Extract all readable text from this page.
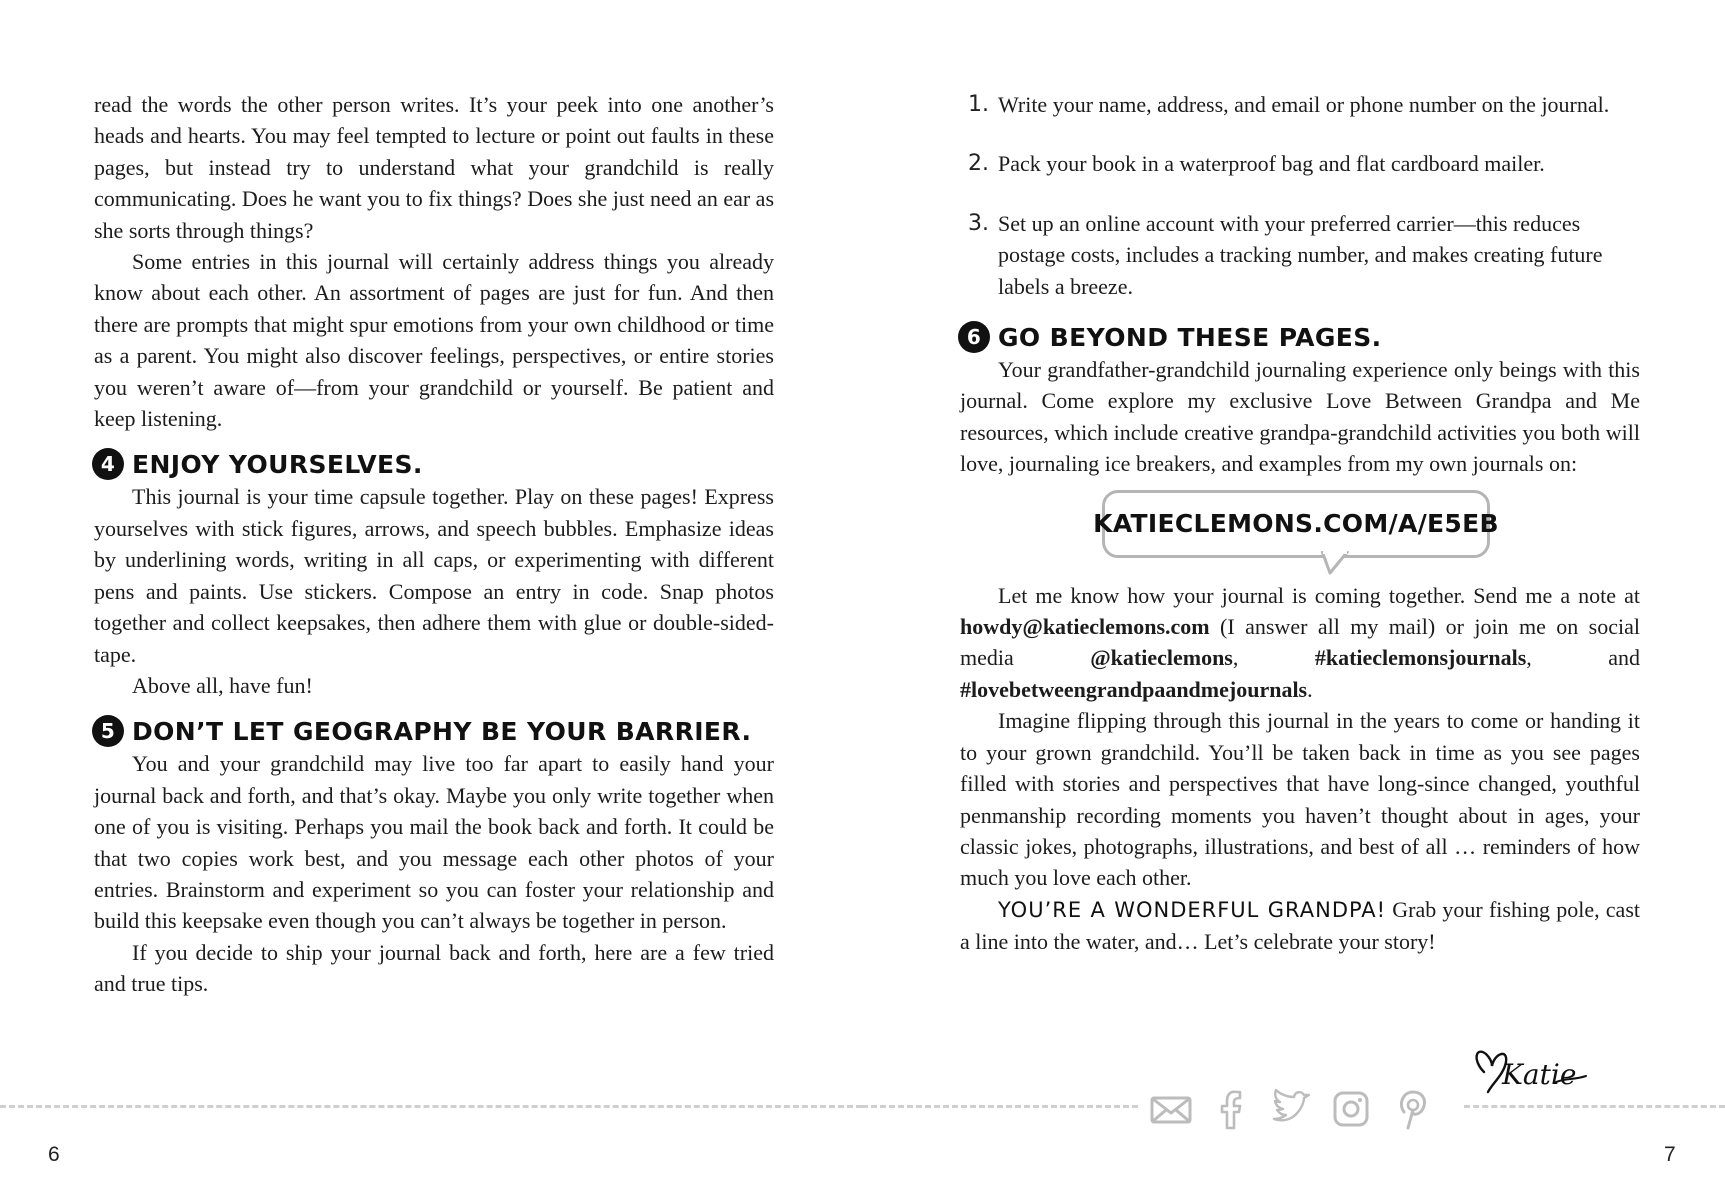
read the words the other person writes. It’s your peek into one another’s heads and hearts. You may feel tempted to lecture or point out faults in these pages, but instead try to understand what your grandchild is really communicating. Does he want you to fix things? Does she just need an ear as she sorts through things?

Some entries in this journal will certainly address things you already know about each other. An assortment of pages are just for fun. And then there are prompts that might spur emotions from your own childhood or time as a parent. You might also discover feelings, perspectives, or entire stories you weren’t aware of—from your grandchild or yourself. Be patient and keep listening.

4 ENJOY YOURSELVES.

This journal is your time capsule together. Play on these pages! Express yourselves with stick figures, arrows, and speech bubbles. Emphasize ideas by underlining words, writing in all caps, or experimenting with different pens and paints. Use stickers. Compose an entry in code. Snap photos together and collect keepsakes, then adhere them with glue or double-sided-tape.

Above all, have fun!

5 DON’T LET GEOGRAPHY BE YOUR BARRIER.

You and your grandchild may live too far apart to easily hand your journal back and forth, and that’s okay. Maybe you only write together when one of you is visiting. Perhaps you mail the book back and forth. It could be that two copies work best, and you message each other photos of your entries. Brainstorm and experiment so you can foster your relationship and build this keepsake even though you can’t always be together in person.

If you decide to ship your journal back and forth, here are a few tried and true tips.

6
1. Write your name, address, and email or phone number on the journal.
2. Pack your book in a waterproof bag and flat cardboard mailer.
3. Set up an online account with your preferred carrier—this reduces postage costs, includes a tracking number, and makes creating future labels a breeze.
6 GO BEYOND THESE PAGES.

Your grandfather-grandchild journaling experience only beings with this journal. Come explore my exclusive Love Between Grandpa and Me resources, which include creative grandpa-grandchild activities you both will love, journaling ice breakers, and examples from my own journals on:

KATIECLEMONS.COM/A/E5EB

Let me know how your journal is coming together. Send me a note at howdy@katieclemons.com (I answer all my mail) or join me on social media @katieclemons, #katieclemonsjournals, and #lovebetweengrandpaandmejournals.

Imagine flipping through this journal in the years to come or handing it to your grown grandchild. You’ll be taken back in time as you see pages filled with stories and perspectives that have long-since changed, youthful penmanship recording moments you haven’t thought about in ages, your classic jokes, photographs, illustrations, and best of all … reminders of how much you love each other.

YOU’RE A WONDERFUL GRANDPA! Grab your fishing pole, cast a line into the water, and… Let’s celebrate your story!

Katie
7
